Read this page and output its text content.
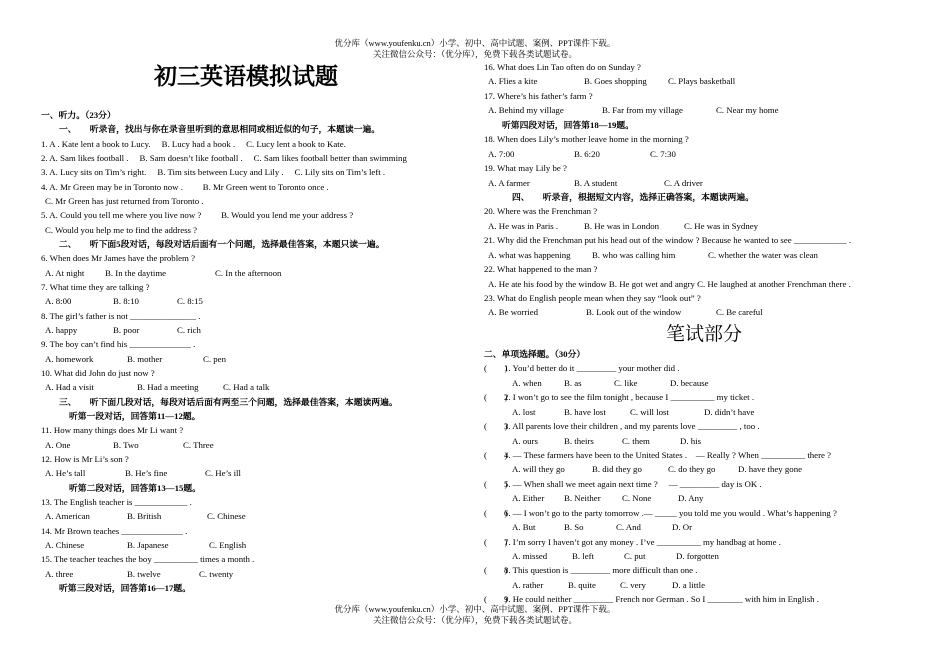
优分库（www.youfenku.cn）小学、初中、高中试题、案例、PPT课件下载。
关注微信公众号：（优分库），免费下载各类试题试卷。
初三英语模拟试题
一、听力。（23分）
一、　　听录音，找出与你在录音里听到的意思相同或相近似的句子，本题读一遍。
1. A . Kate lent a book to Lucy.　 B. Lucy had a book .　 C. Lucy lent a book to Kate.
2. A. Sam likes football .　 B. Sam doesn’t like football .　 C. Sam likes football better than swimming
3. A. Lucy sits on Tim’s right.　 B. Tim sits between Lucy and Lily .　 C. Lily sits on Tim’s left .
4. A. Mr Green may be in Toronto now .　　 B. Mr Green went to Toronto once .
C. Mr Green has just returned from Toronto .
5. A. Could you tell me where you live now ?　　 B. Would you lend me your address ?
C. Would you help me to find the address ?
二、　　听下面5段对话，每段对话后面有一个问题，选择最佳答案，本题只读一遍。
6. When does Mr James have the problem ?
A. At night B. In the daytime	C. In the afternoon
7. What time they are talking ?
A. 8:00	B. 8:10	C. 8:15
8. The girl’s father is not _______________ .
A. happy	B. poor	C. rich
9. The boy can’t find his ______________ .
A. homework	B. mother	C. pen
10. What did John do just now ?
A. Had a visit	B. Had a meeting	C. Had a talk
三、　　听下面几段对话，每段对话后面有两至三个问题，选择最佳答案，本题读两遍。
听第一段对话，回答第11—12题。
11. How many things does Mr Li want ?
A. One	B. Two	C. Three
12. How is Mr Li’s son ?
A. He’s tall	B. He’s fine	C. He’s ill
听第二段对话，回答第13—15题。
13. The English teacher is ____________ .
A. American	B. British	C. Chinese
14. Mr Brown teaches ______________ .
A. Chinese	B. Japanese	C. English
15. The teacher teaches the boy __________ times a month .
A. three	B. twelve	C. twenty
听第三段对话，回答第16—17题。
16. What does Lin Tao often do on Sunday ?
A. Flies a kite	B. Goes shopping C. Plays basketball
17. Where’s his father’s farm ?
A. Behind my village	B. Far from my village	C. Near my home
听第四段对话，回答第18—19题。
18. When does Lily’s mother leave home in the morning ?
A. 7:00	B. 6:20	C. 7:30
19. What may Lily be ?
A. A farmer	B. A student	C. A driver
四、　　听录音，根据短文内容，选择正确答案，本题读两遍。
20. Where was the Frenchman ?
A. He was in Paris .	B. He was in London	C. He was in Sydney
21. Why did the Frenchman put his head out of the window ? Because he wanted to see ____________ .
A. what was happening B. who was calling him	C. whether the water was clean
22. What happened to the man ?
A. He ate his food by the window B. He got wet and angry C. He laughed at another Frenchman there .
23. What do English people mean when they say “look out” ?
A. Be worried	B. Look out of the window	C. Be careful
笔试部分
二、单项选择题。（30分）
(　　)1. You’d better do it _________ your mother did .
A. when	B. as	C. like	D. because
(　　)2. I won’t go to see the film tonight , because I __________ my ticket .
A. lost	B. have lost	C. will lost	D. didn’t have
(　　)3. All parents love their children , and my parents love _________ , too .
A. ours	B. theirs	C. them	D. his
(　　)4. — These farmers have been to the United States .　— Really ? When __________ there ?
A. will they go	B. did they go	C. do they go	D. have they gone
(　　)5. — When shall we meet again next time ?　 — _________ day is OK .
A. Either B. Neither C. None	D. Any
(　　)6. — I won’t go to the party tomorrow .— _____ you told me you would . What’s happening ?
A. But	B. So	C. And	D. Or
(　　)7. I’m sorry I haven’t got any money . I’ve __________ my handbag at home .
A. missed	B. left	C. put	D. forgotten
(　　)8. This question is _________ more difficult than one .
A. rather	B. quite	C. very	D. a little
(　　)9. He could neither _________ French nor German . So I ________ with him in English .
优分库（www.youfenku.cn）小学、初中、高中试题、案例、PPT课件下载。
关注微信公众号：（优分库），免费下载各类试题试卷。
